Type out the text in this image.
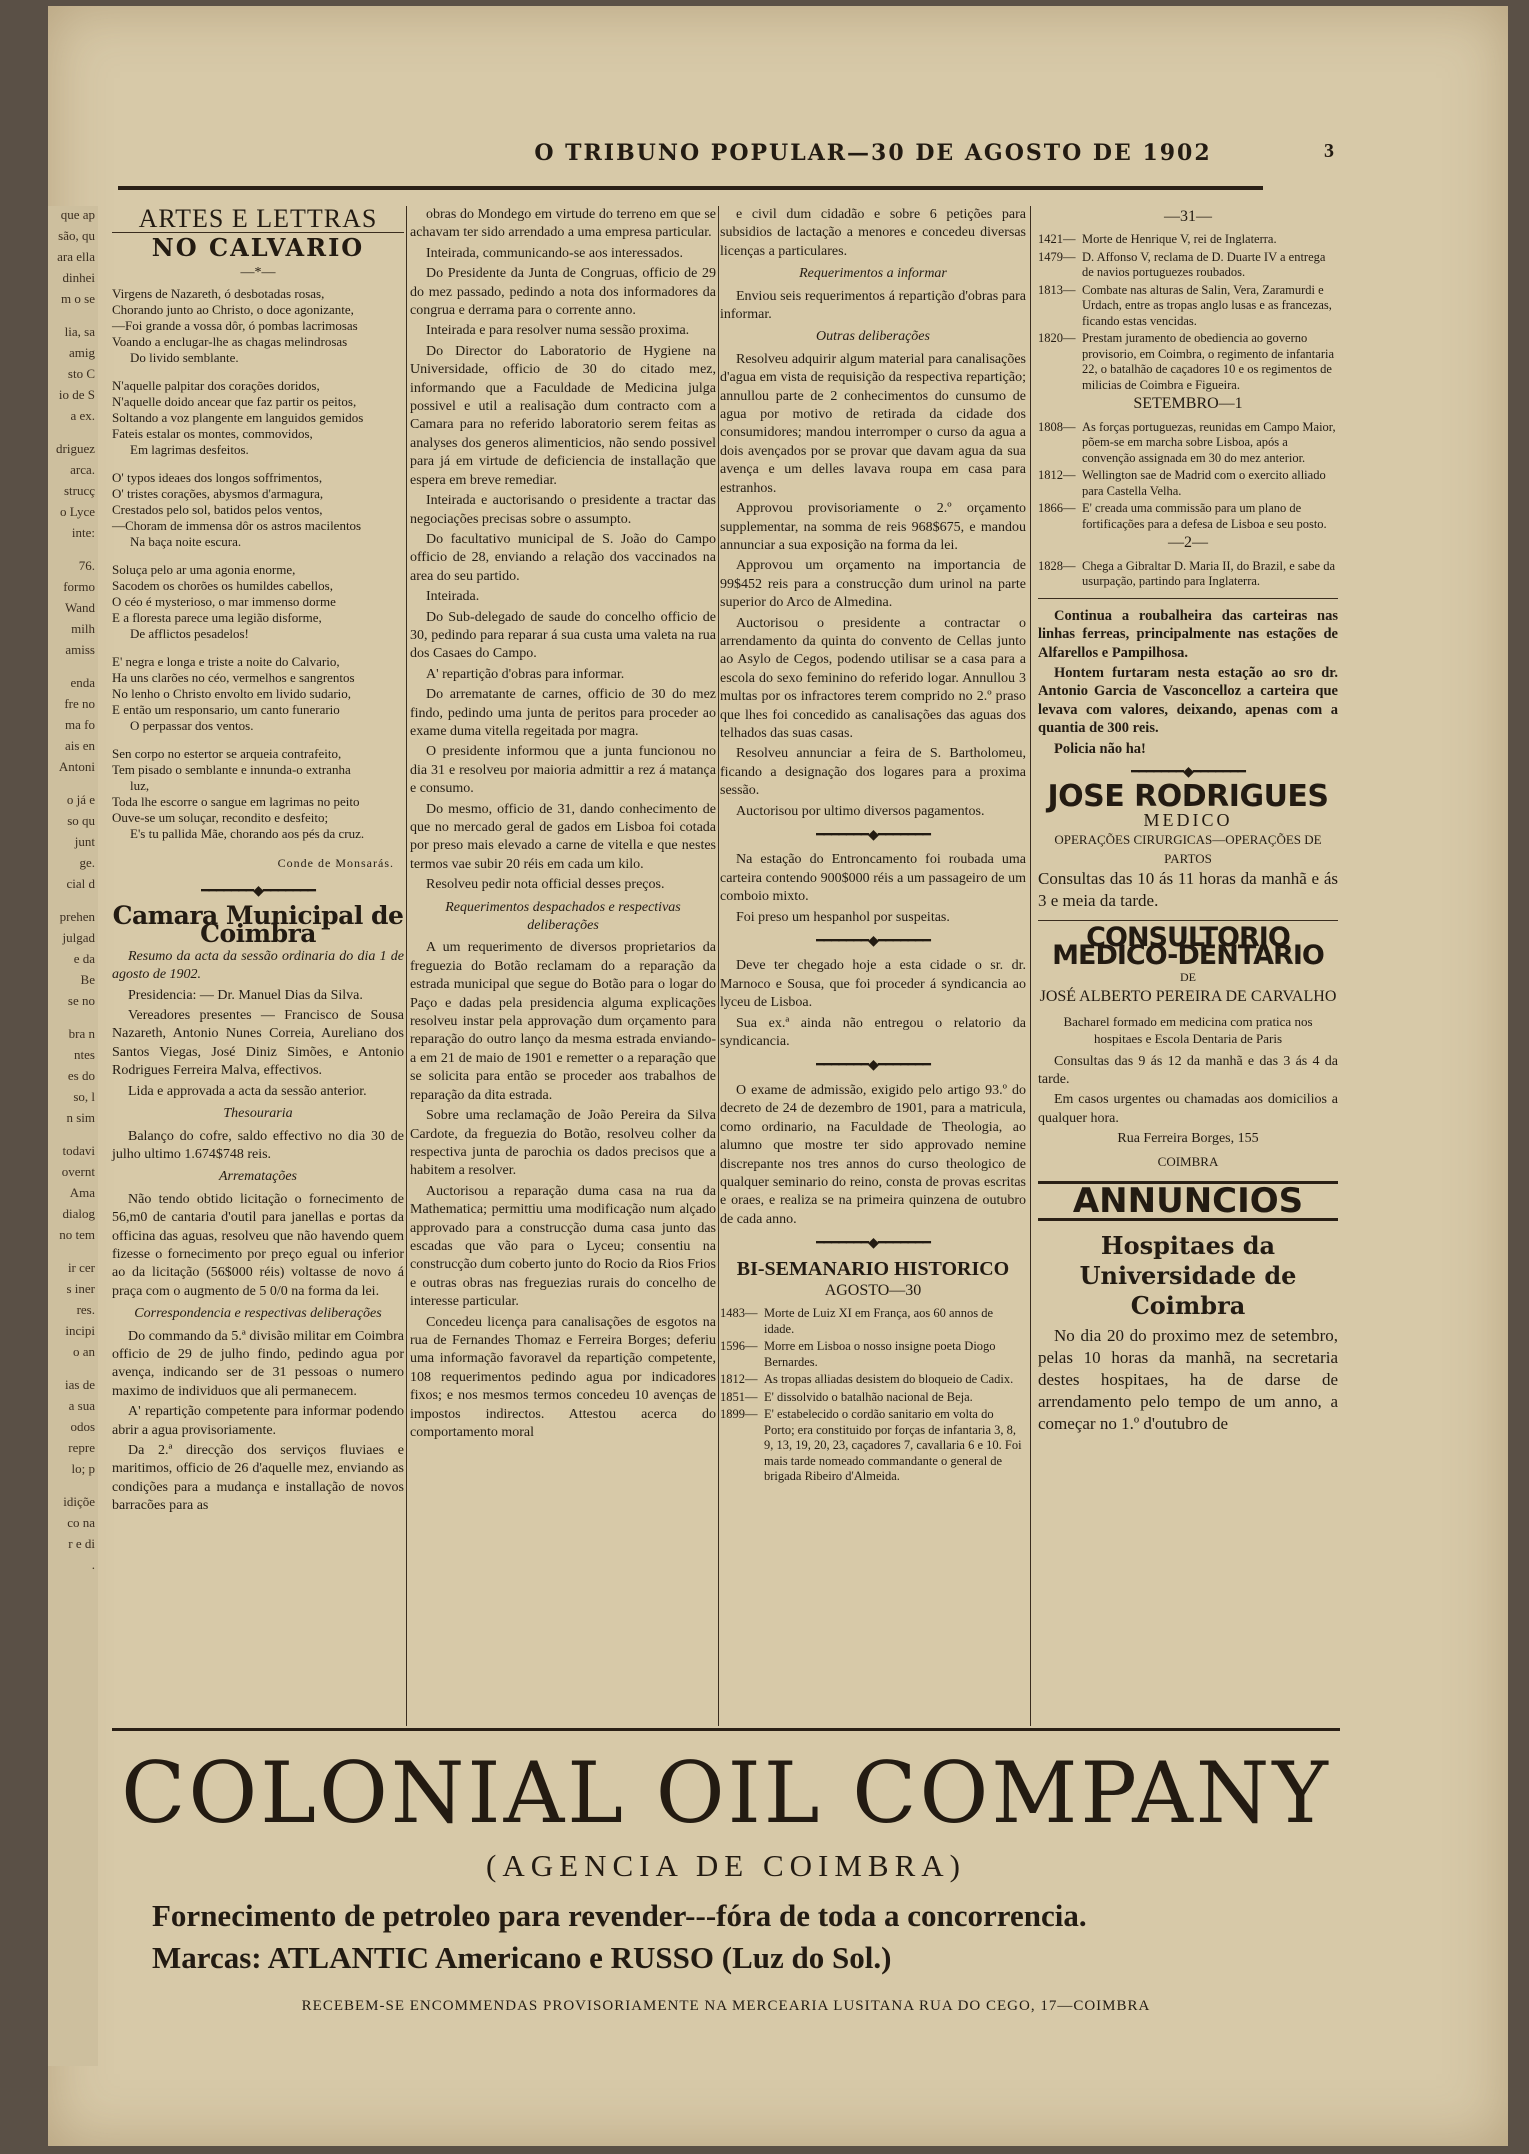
que ap
são, qu
ara ella
dinhei
m o se
lia, sa
amig
sto C
io de S
a ex.
driguez
arca.
strucç
o Lyce
inte:
76.
formo
Wand
milh
amiss
enda
fre no
ma fo
ais en
Antoni
o já e
so qu
junt
ge.
cial d
prehen
julgad
e da
Be
se no
bra n
ntes
es do
so, l
n sim
todavi
overnt
Ama
dialog
no tem
ir cer
s iner
res.
incipi
o an
ias de
a sua
odos
repre
lo; p
idiçõe
co na
r e di
.
O TRIBUNO POPULAR—30 DE AGOSTO DE 1902	3
ARTES E LETTRAS
NO CALVARIO
—*—
Virgens de Nazareth, ó desbotadas rosas,
Chorando junto ao Christo, o doce agonizante,
—Foi grande a vossa dôr, ó pombas lacrimosas
Voando a enclugar-lhe as chagas melindrosas
Do livido semblante.
N'aquelle palpitar dos corações doridos,
N'aquelle doido ancear que faz partir os peitos,
Soltando a voz plangente em languidos gemidos
Fateis estalar os montes, commovidos,
Em lagrimas desfeitos.
O' typos ideaes dos longos soffrimentos,
O' tristes corações, abysmos d'armagura,
Crestados pelo sol, batidos pelos ventos,
—Choram de immensa dôr os astros macilentos
Na baça noite escura.
Soluça pelo ar uma agonia enorme,
Sacodem os chorões os humildes cabellos,
O céo é mysterioso, o mar immenso dorme
E a floresta parece uma legião disforme,
De afflictos pesadelos!
E' negra e longa e triste a noite do Calvario,
Ha uns clarões no céo, vermelhos e sangrentos
No lenho o Christo envolto em livido sudario,
E então um responsario, um canto funerario
O perpassar dos ventos.
Sen corpo no estertor se arqueia contrafeito,
Tem pisado o semblante e innunda-o extranha
luz,
Toda lhe escorre o sangue em lagrimas no peito
Ouve-se um soluçar, recondito e desfeito;
E's tu pallida Mãe, chorando aos pés da cruz.
Conde de Monsarás.
━━━━━━━◆━━━━━━━
Camara Municipal de Coimbra

Resumo da acta da sessão ordinaria do dia 1 de agosto de 1902.

Presidencia: — Dr. Manuel Dias da Silva.

Vereadores presentes — Francisco de Sousa Nazareth, Antonio Nunes Correia, Aureliano dos Santos Viegas, José Diniz Simões, e Antonio Rodrigues Ferreira Malva, effectivos.

Lida e approvada a acta da sessão anterior.

Thesouraria

Balanço do cofre, saldo effectivo no dia 30 de julho ultimo 1.674$748 reis.

Arrematações

Não tendo obtido licitação o fornecimento de 56,m0 de cantaria d'outil para janellas e portas da officina das aguas, resolveu que não havendo quem fizesse o fornecimento por preço egual ou inferior ao da licitação (56$000 réis) voltasse de novo á praça com o augmento de 5 0/0 na forma da lei.

Correspondencia e respectivas deliberações

Do commando da 5.ª divisão militar em Coimbra officio de 29 de julho findo, pedindo agua por avença, indicando ser de 31 pessoas o numero maximo de individuos que ali permanecem.

A' repartição competente para informar podendo abrir a agua provisoriamente.

Da 2.ª direcção dos serviços fluviaes e maritimos, officio de 26 d'aquelle mez, enviando as condições para a mudança e installação de novos barracões para as

obras do Mondego em virtude do terreno em que se achavam ter sido arrendado a uma empresa particular.

Inteirada, communicando-se aos interessados.

Do Presidente da Junta de Congruas, officio de 29 do mez passado, pedindo a nota dos informadores da congrua e derrama para o corrente anno.

Inteirada e para resolver numa sessão proxima.

Do Director do Laboratorio de Hygiene na Universidade, officio de 30 do citado mez, informando que a Faculdade de Medicina julga possivel e util a realisação dum contracto com a Camara para no referido laboratorio serem feitas as analyses dos generos alimenticios, não sendo possivel para já em virtude de deficiencia de installação que espera em breve remediar.

Inteirada e auctorisando o presidente a tractar das negociações precisas sobre o assumpto.

Do facultativo municipal de S. João do Campo officio de 28, enviando a relação dos vaccinados na area do seu partido.

Inteirada.

Do Sub-delegado de saude do concelho officio de 30, pedindo para reparar á sua custa uma valeta na rua dos Casaes do Campo.

A' repartição d'obras para informar.

Do arrematante de carnes, officio de 30 do mez findo, pedindo uma junta de peritos para proceder ao exame duma vitella regeitada por magra.

O presidente informou que a junta funcionou no dia 31 e resolveu por maioria admittir a rez á matança e consumo.

Do mesmo, officio de 31, dando conhecimento de que no mercado geral de gados em Lisboa foi cotada por preso mais elevado a carne de vitella e que nestes termos vae subir 20 réis em cada um kilo.

Resolveu pedir nota official desses preços.

Requerimentos despachados e respectivas deliberações

A um requerimento de diversos proprietarios da freguezia do Botão reclamam do a reparação da estrada municipal que segue do Botão para o logar do Paço e dadas pela presidencia alguma explicações resolveu instar pela approvação dum orçamento para reparação do outro lanço da mesma estrada enviando-a em 21 de maio de 1901 e remetter o a reparação que se solicita para então se proceder aos trabalhos de reparação da dita estrada.

Sobre uma reclamação de João Pereira da Silva Cardote, da freguezia do Botão, resolveu colher da respectiva junta de parochia os dados precisos que a habitem a resolver.

Auctorisou a reparação duma casa na rua da Mathematica; permittiu uma modificação num alçado approvado para a construcção duma casa junto das escadas que vão para o Lyceu; consentiu na construcção dum coberto junto do Rocio da Rios Frios e outras obras nas freguezias rurais do concelho de interesse particular.

Concedeu licença para canalisações de esgotos na rua de Fernandes Thomaz e Ferreira Borges; deferiu uma informação favoravel da repartição competente, 108 requerimentos pedindo agua por indicadores fixos; e nos mesmos termos concedeu 10 avenças de impostos indirectos. Attestou acerca do comportamento moral

e civil dum cidadão e sobre 6 petições para subsidios de lactação a menores e concedeu diversas licenças a particulares.

Requerimentos a informar

Enviou seis requerimentos á repartição d'obras para informar.

Outras deliberações

Resolveu adquirir algum material para canalisações d'agua em vista de requisição da respectiva repartição; annullou parte de 2 conhecimentos do cunsumo de agua por motivo de retirada da cidade dos consumidores; mandou interromper o curso da agua a dois avençados por se provar que davam agua da sua avença e um delles lavava roupa em casa para estranhos.

Approvou provisoriamente o 2.º orçamento supplementar, na somma de reis 968$675, e mandou annunciar a sua exposição na forma da lei.

Approvou um orçamento na importancia de 99$452 reis para a construcção dum urinol na parte superior do Arco de Almedina.

Auctorisou o presidente a contractar o arrendamento da quinta do convento de Cellas junto ao Asylo de Cegos, podendo utilisar se a casa para a escola do sexo feminino do referido logar. Annullou 3 multas por os infractores terem comprido no 2.º praso que lhes foi concedido as canalisações das aguas dos telhados das suas casas.

Resolveu annunciar a feira de S. Bartholomeu, ficando a designação dos logares para a proxima sessão.

Auctorisou por ultimo diversos pagamentos.

━━━━━━━◆━━━━━━━

Na estação do Entroncamento foi roubada uma carteira contendo 900$000 réis a um passageiro de um comboio mixto.

Foi preso um hespanhol por suspeitas.

━━━━━━━◆━━━━━━━

Deve ter chegado hoje a esta cidade o sr. dr. Marnoco e Sousa, que foi proceder á syndicancia ao lyceu de Lisboa.

Sua ex.ª ainda não entregou o relatorio da syndicancia.

━━━━━━━◆━━━━━━━

O exame de admissão, exigido pelo artigo 93.º do decreto de 24 de dezembro de 1901, para a matricula, como ordinario, na Faculdade de Theologia, ao alumno que mostre ter sido approvado nemine discrepante nos tres annos do curso theologico de qualquer seminario do reino, consta de provas escritas e oraes, e realiza se na primeira quinzena de outubro de cada anno.

━━━━━━━◆━━━━━━━
BI-SEMANARIO HISTORICO
AGOSTO—30
1483— Morte de Luiz XI em França, aos 60 annos de idade.
1596— Morre em Lisboa o nosso insigne poeta Diogo Bernardes.
1812— As tropas alliadas desistem do bloqueio de Cadix.
1851— E' dissolvido o batalhão nacional de Beja.
1899— E' estabelecido o cordão sanitario em volta do Porto; era constituido por forças de infantaria 3, 8, 9, 13, 19, 20, 23, caçadores 7, cavallaria 6 e 10. Foi mais tarde nomeado commandante o general de brigada Ribeiro d'Almeida.
—31—
1421— Morte de Henrique V, rei de Inglaterra.
1479— D. Affonso V, reclama de D. Duarte IV a entrega de navios portuguezes roubados.
1813— Combate nas alturas de Salin, Vera, Zaramurdi e Urdach, entre as tropas anglo lusas e as francezas, ficando estas vencidas.
1820— Prestam juramento de obediencia ao governo provisorio, em Coimbra, o regimento de infantaria 22, o batalhão de caçadores 10 e os regimentos de milicias de Coimbra e Figueira.
SETEMBRO—1
1808— As forças portuguezas, reunidas em Campo Maior, põem-se em marcha sobre Lisboa, após a convenção assignada em 30 do mez anterior.
1812— Wellington sae de Madrid com o exercito alliado para Castella Velha.
1866— E' creada uma commissão para um plano de fortificações para a defesa de Lisboa e seu posto.
—2—
1828— Chega a Gibraltar D. Maria II, do Brazil, e sabe da usurpação, partindo para Inglaterra.

Continua a roubalheira das carteiras nas linhas ferreas, principalmente nas estações de Alfarellos e Pampilhosa.

Hontem furtaram nesta estação ao sro dr. Antonio Garcia de Vasconcelloz a carteira que levava com valores, deixando, apenas com a quantia de 300 reis.

Policia não ha!

━━━━━━━◆━━━━━━━
JOSE RODRIGUES
MEDICO
OPERAÇÕES CIRURGICAS—OPERAÇÕES DE PARTOS

Consultas das 10 ás 11 horas da manhã e ás 3 e meia da tarde.

CONSULTORIO MEDICO-DENTARIO
DE
JOSÉ ALBERTO PEREIRA DE CARVALHO
Bacharel formado em medicina com pratica nos hospitaes e Escola Dentaria de Paris

Consultas das 9 ás 12 da manhã e das 3 ás 4 da tarde.

Em casos urgentes ou chamadas aos domicilios a qualquer hora.

Rua Ferreira Borges, 155
COIMBRA
ANNUNCIOS
Hospitaes da Universidade de Coimbra

No dia 20 do proximo mez de setembro, pelas 10 horas da manhã, na secretaria destes hospitaes, ha de darse de arrendamento pelo tempo de um anno, a começar no 1.º d'outubro de

COLONIAL OIL COMPANY
(AGENCIA DE COIMBRA)
Fornecimento de petroleo para revender---fóra de toda a concorrencia.
Marcas: ATLANTIC Americano e RUSSO (Luz do Sol.)
RECEBEM-SE ENCOMMENDAS PROVISORIAMENTE NA MERCEARIA LUSITANA RUA DO CEGO, 17—COIMBRA
